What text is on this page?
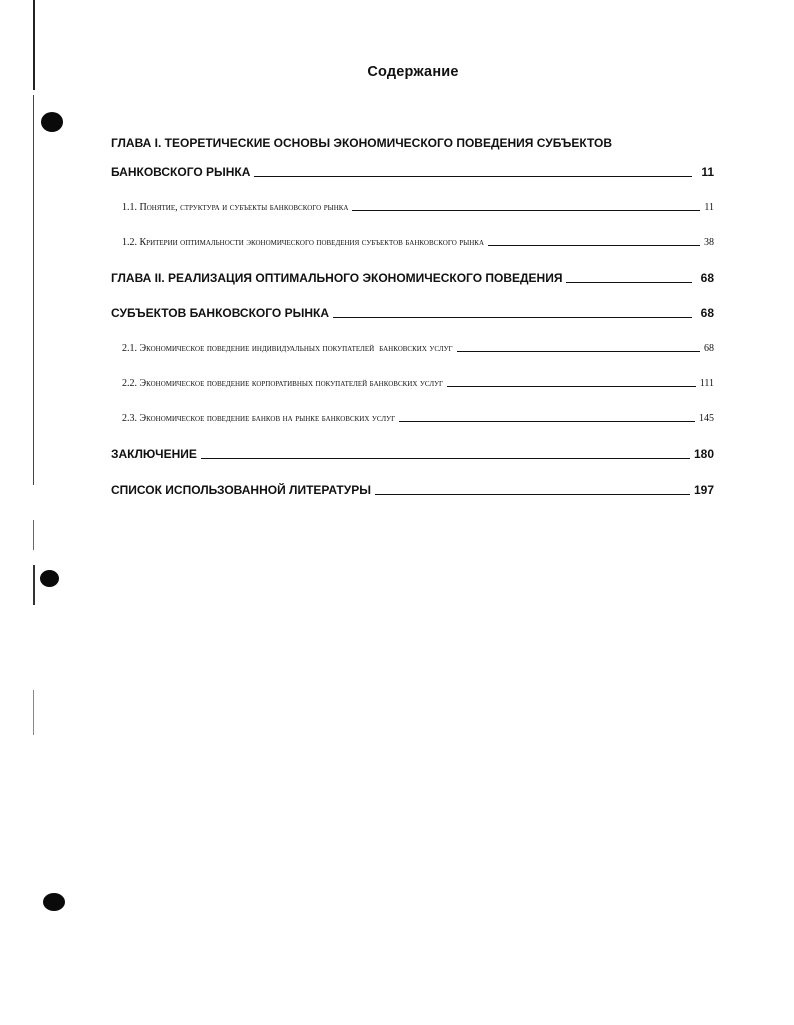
Содержание
ГЛАВА I. ТЕОРЕТИЧЕСКИЕ ОСНОВЫ ЭКОНОМИЧЕСКОГО ПОВЕДЕНИЯ СУБЪЕКТОВ
БАНКОВСКОГО РЫНКА	11
1.1. Понятие, структура и субъекты банковского рынка	11
1.2. Критерии оптимальности экономического поведения субъектов банковского рынка	38
ГЛАВА II. РЕАЛИЗАЦИЯ ОПТИМАЛЬНОГО ЭКОНОМИЧЕСКОГО ПОВЕДЕНИЯ	68
СУБЪЕКТОВ БАНКОВСКОГО РЫНКА	68
2.1. Экономическое поведение индивидуальных покупателей  банковских услуг	68
2.2. Экономическое поведение корпоративных покупателей банковских услуг	111
2.3. Экономическое поведение банков на рынке банковских услуг	145
ЗАКЛЮЧЕНИЕ	180
СПИСОК ИСПОЛЬЗОВАННОЙ ЛИТЕРАТУРЫ	197
